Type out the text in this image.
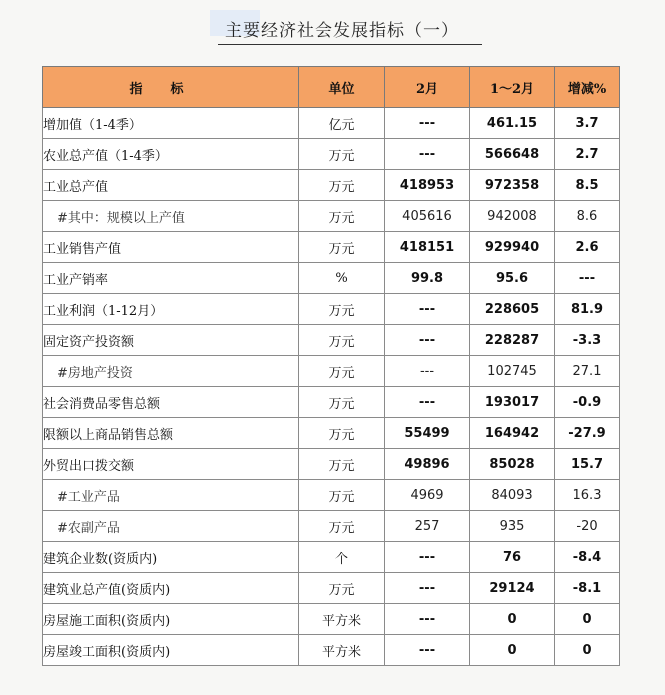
主要经济社会发展指标（一）
指标	单位	2月	1～2月	增减%
增加值（1-4季）	亿元	---	461.15	3.7
农业总产值（1-4季）	万元	---	566648	2.7
工业总产值	万元	418953	972358	8.5
#其中：规模以上产值	万元	405616	942008	8.6
工业销售产值	万元	418151	929940	2.6
工业产销率	%	99.8	95.6	---
工业利润（1-12月）	万元	---	228605	81.9
固定资产投资额	万元	---	228287	-3.3
#房地产投资	万元	---	102745	27.1
社会消费品零售总额	万元	---	193017	-0.9
限额以上商品销售总额	万元	55499	164942	-27.9
外贸出口拨交额	万元	49896	85028	15.7
#工业产品	万元	4969	84093	16.3
#农副产品	万元	257	935	-20
建筑企业数(资质内)	个	---	76	-8.4
建筑业总产值(资质内)	万元	---	29124	-8.1
房屋施工面积(资质内)	平方米	---	0	0
房屋竣工面积(资质内)	平方米	---	0	0
